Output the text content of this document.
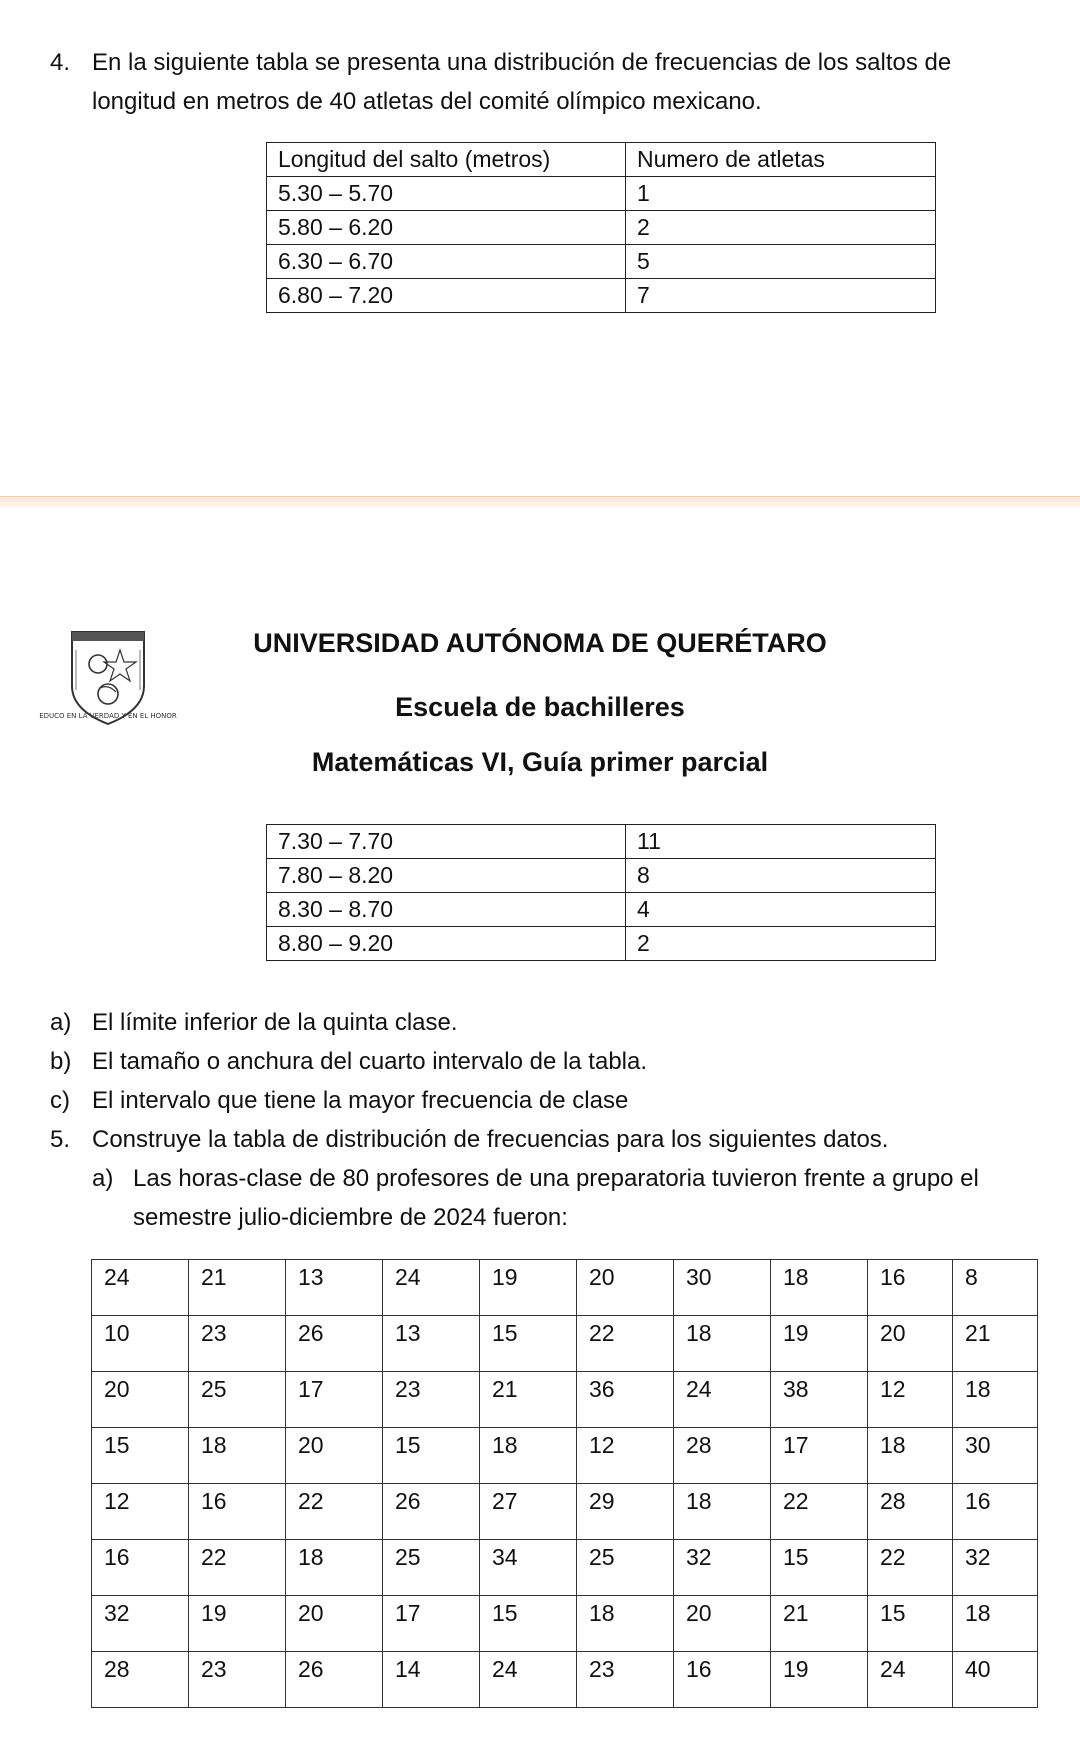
4. En la siguiente tabla se presenta una distribución de frecuencias de los saltos de
longitud en metros de 40 atletas del comité olímpico mexicano.
Longitud del salto (metros)	Numero de atletas
5.30 – 5.70	1
5.80 – 6.20	2
6.30 – 6.70	5
6.80 – 7.20	7
EDUCO EN LA VERDAD Y EN EL HONOR
UNIVERSIDAD AUTÓNOMA DE QUERÉTARO
Escuela de bachilleres
Matemáticas VI, Guía primer parcial
7.30 – 7.70	11
7.80 – 8.20	8
8.30 – 8.70	4
8.80 – 9.20	2
a) El límite inferior de la quinta clase.
b) El tamaño o anchura del cuarto intervalo de la tabla.
c) El intervalo que tiene la mayor frecuencia de clase
5. Construye la tabla de distribución de frecuencias para los siguientes datos.
a) Las horas-clase de 80 profesores de una preparatoria tuvieron frente a grupo el
semestre julio-diciembre de 2024 fueron:
24	21	13	24	19	20	30	18	16	8
10	23	26	13	15	22	18	19	20	21
20	25	17	23	21	36	24	38	12	18
15	18	20	15	18	12	28	17	18	30
12	16	22	26	27	29	18	22	28	16
16	22	18	25	34	25	32	15	22	32
32	19	20	17	15	18	20	21	15	18
28	23	26	14	24	23	16	19	24	40
